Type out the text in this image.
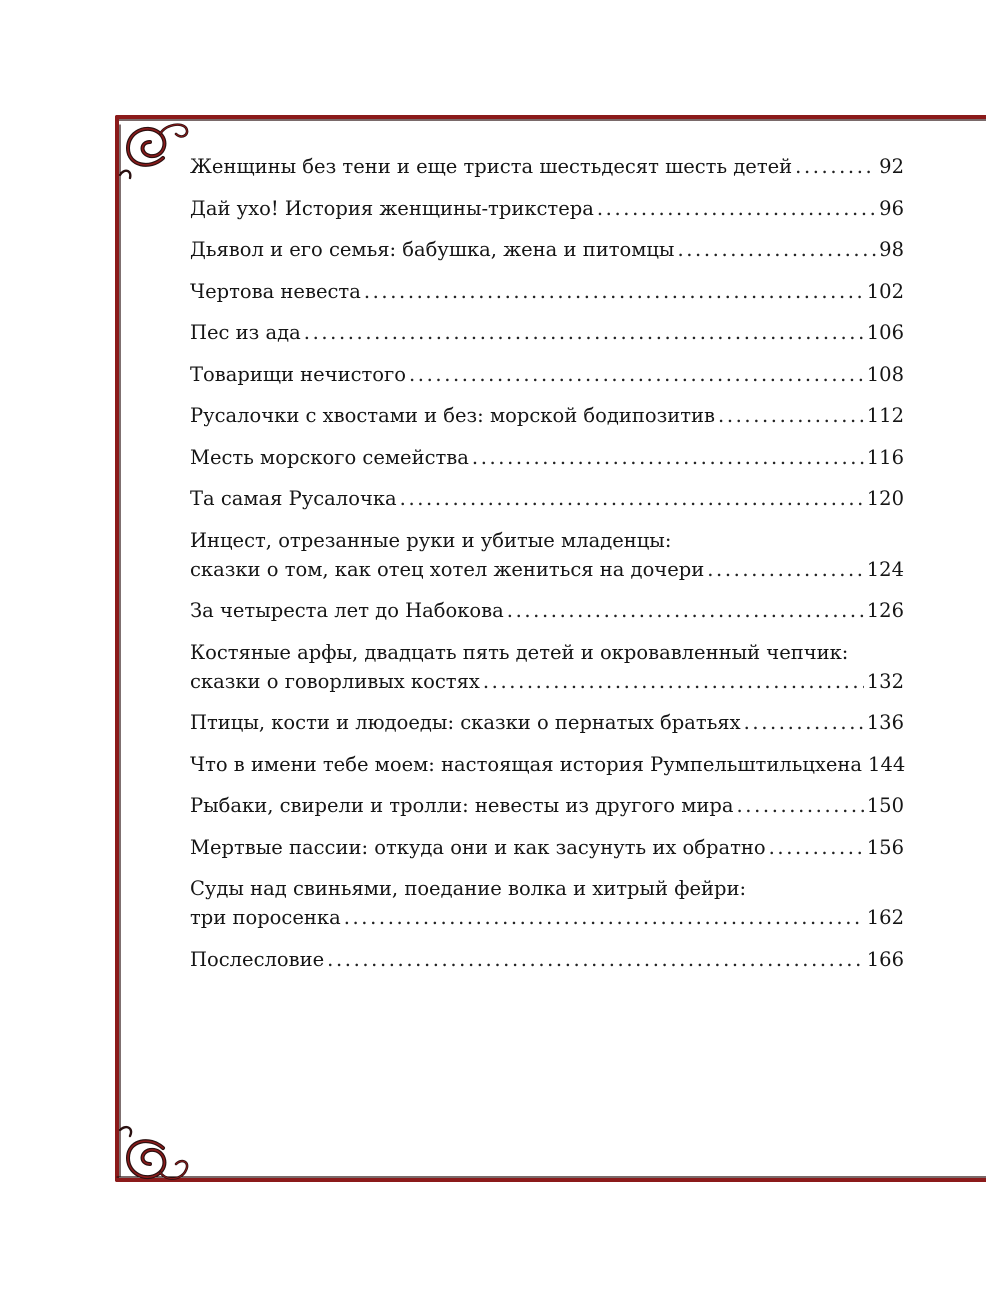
Женщины без тени и еще триста шестьдесят шесть детей .....	92
Дай ухо! История женщины-трикстера .....	96
Дьявол и его семья: бабушка, жена и питомцы .....	98
Чертова невеста .....	102
Пес из ада .....	106
Товарищи нечистого .....	108
Русалочки с хвостами и без: морской бодипозитив .....	112
Месть морского семейства .....	116
Та самая Русалочка .....	120
Инцест, отрезанные руки и убитые младенцы:
сказки о том, как отец хотел жениться на дочери .....	124
За четыреста лет до Набокова .....	126
Костяные арфы, двадцать пять детей и окровавленный чепчик:
сказки о говорливых костях .....	132
Птицы, кости и людоеды: сказки о пернатых братьях .....	136
Что в имени тебе моем: настоящая история Румпельштильцхена 144
Рыбаки, свирели и тролли: невесты из другого мира .....	150
Мертвые пассии: откуда они и как засунуть их обратно .....	156
Суды над свиньями, поедание волка и хитрый фейри:
три поросенка .....	162
Послесловие .....	166
